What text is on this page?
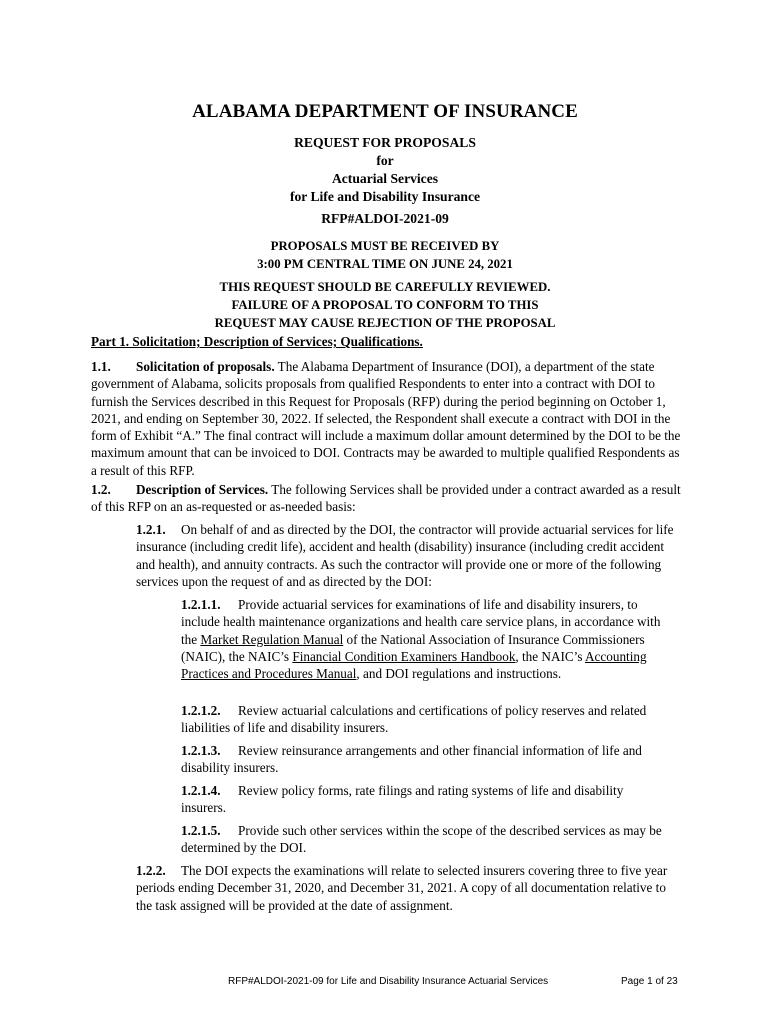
ALABAMA DEPARTMENT OF INSURANCE
REQUEST FOR PROPOSALS
for
Actuarial Services
for Life and Disability Insurance
RFP#ALDOI-2021-09
PROPOSALS MUST BE RECEIVED BY
3:00 PM CENTRAL TIME ON JUNE 24, 2021
THIS REQUEST SHOULD BE CAREFULLY REVIEWED.
FAILURE OF A PROPOSAL TO CONFORM TO THIS
REQUEST MAY CAUSE REJECTION OF THE PROPOSAL
Part 1. Solicitation; Description of Services; Qualifications.

1.1. Solicitation of proposals. The Alabama Department of Insurance (DOI), a department of the state government of Alabama, solicits proposals from qualified Respondents to enter into a contract with DOI to furnish the Services described in this Request for Proposals (RFP) during the period beginning on October 1, 2021, and ending on September 30, 2022. If selected, the Respondent shall execute a contract with DOI in the form of Exhibit “A.” The final contract will include a maximum dollar amount determined by the DOI to be the maximum amount that can be invoiced to DOI. Contracts may be awarded to multiple qualified Respondents as a result of this RFP.

1.2. Description of Services. The following Services shall be provided under a contract awarded as a result of this RFP on an as-requested or as-needed basis:

1.2.1. On behalf of and as directed by the DOI, the contractor will provide actuarial services for life insurance (including credit life), accident and health (disability) insurance (including credit accident and health), and annuity contracts. As such the contractor will provide one or more of the following services upon the request of and as directed by the DOI:

1.2.1.1. Provide actuarial services for examinations of life and disability insurers, to include health maintenance organizations and health care service plans, in accordance with the Market Regulation Manual of the National Association of Insurance Commissioners (NAIC), the NAIC’s Financial Condition Examiners Handbook, the NAIC’s Accounting Practices and Procedures Manual, and DOI regulations and instructions.

1.2.1.2. Review actuarial calculations and certifications of policy reserves and related liabilities of life and disability insurers.

1.2.1.3. Review reinsurance arrangements and other financial information of life and disability insurers.

1.2.1.4. Review policy forms, rate filings and rating systems of life and disability insurers.

1.2.1.5. Provide such other services within the scope of the described services as may be determined by the DOI.

1.2.2. The DOI expects the examinations will relate to selected insurers covering three to five year periods ending December 31, 2020, and December 31, 2021. A copy of all documentation relative to the task assigned will be provided at the date of assignment.

RFP#ALDOI-2021-09 for Life and Disability Insurance Actuarial Services	Page 1 of 23
